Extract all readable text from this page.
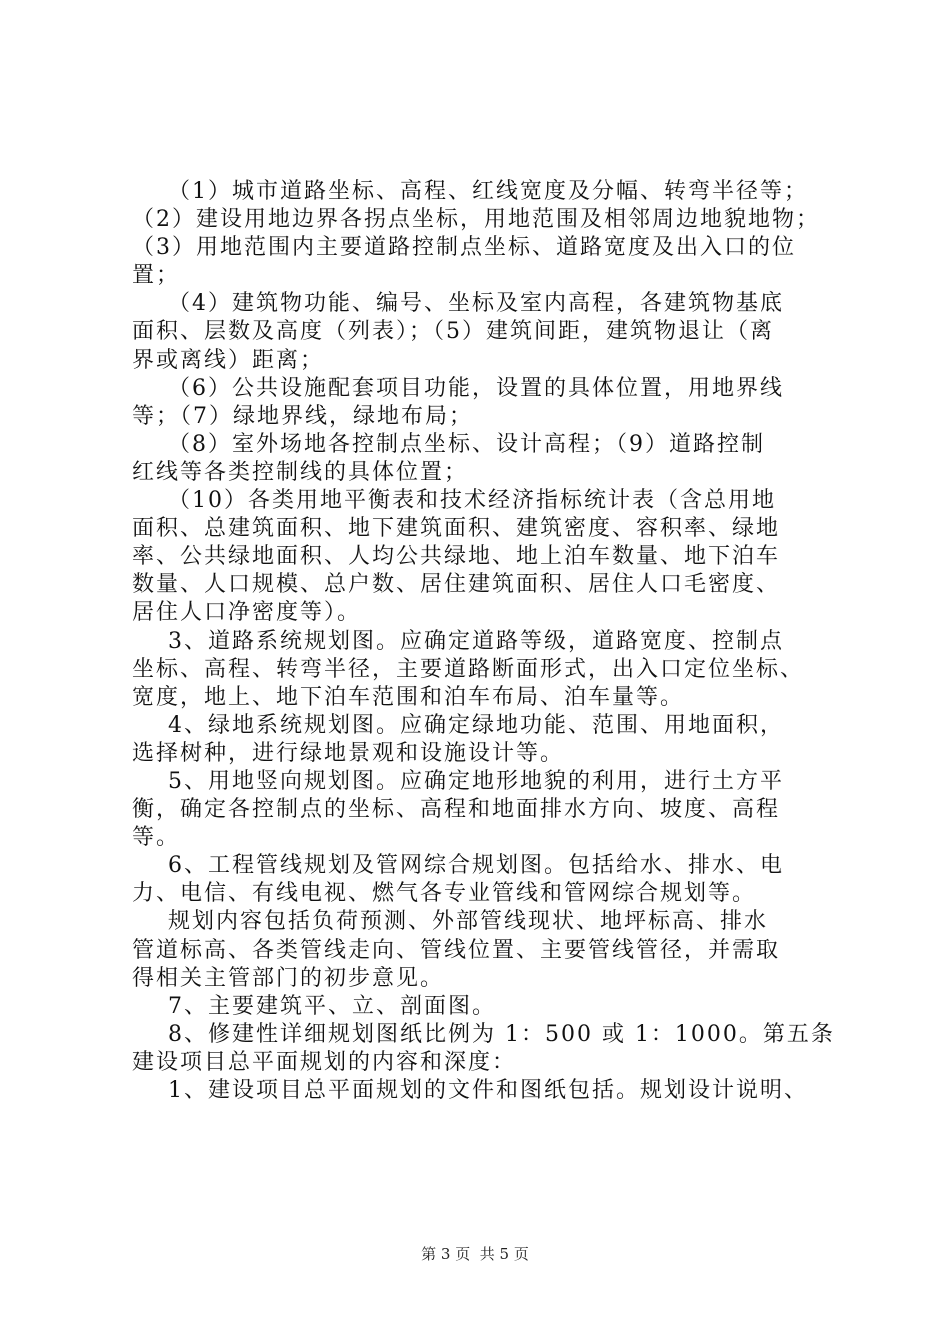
（1）城市道路坐标、高程、红线宽度及分幅、转弯半径等；
（2）建设用地边界各拐点坐标，用地范围及相邻周边地貌地物；
（3）用地范围内主要道路控制点坐标、道路宽度及出入口的位
置；
（4）建筑物功能、编号、坐标及室内高程，各建筑物基底
面积、层数及高度（列表）；（5）建筑间距，建筑物退让（离
界或离线）距离；
（6）公共设施配套项目功能，设置的具体位置，用地界线
等；（7）绿地界线，绿地布局；
（8）室外场地各控制点坐标、设计高程；（9）道路控制
红线等各类控制线的具体位置；
（10）各类用地平衡表和技术经济指标统计表（含总用地
面积、总建筑面积、地下建筑面积、建筑密度、容积率、绿地
率、公共绿地面积、人均公共绿地、地上泊车数量、地下泊车
数量、人口规模、总户数、居住建筑面积、居住人口毛密度、
居住人口净密度等）。
3、道路系统规划图。应确定道路等级，道路宽度、控制点
坐标、高程、转弯半径，主要道路断面形式，出入口定位坐标、
宽度，地上、地下泊车范围和泊车布局、泊车量等。
4、绿地系统规划图。应确定绿地功能、范围、用地面积，
选择树种，进行绿地景观和设施设计等。
5、用地竖向规划图。应确定地形地貌的利用，进行土方平
衡，确定各控制点的坐标、高程和地面排水方向、坡度、高程
等。
6、工程管线规划及管网综合规划图。包括给水、排水、电
力、电信、有线电视、燃气各专业管线和管网综合规划等。
规划内容包括负荷预测、外部管线现状、地坪标高、排水
管道标高、各类管线走向、管线位置、主要管线管径，并需取
得相关主管部门的初步意见。
7、主要建筑平、立、剖面图。
8、修建性详细规划图纸比例为 1：500 或 1：1000。第五条
建设项目总平面规划的内容和深度：
1、建设项目总平面规划的文件和图纸包括。规划设计说明、
第 3 页  共 5 页
